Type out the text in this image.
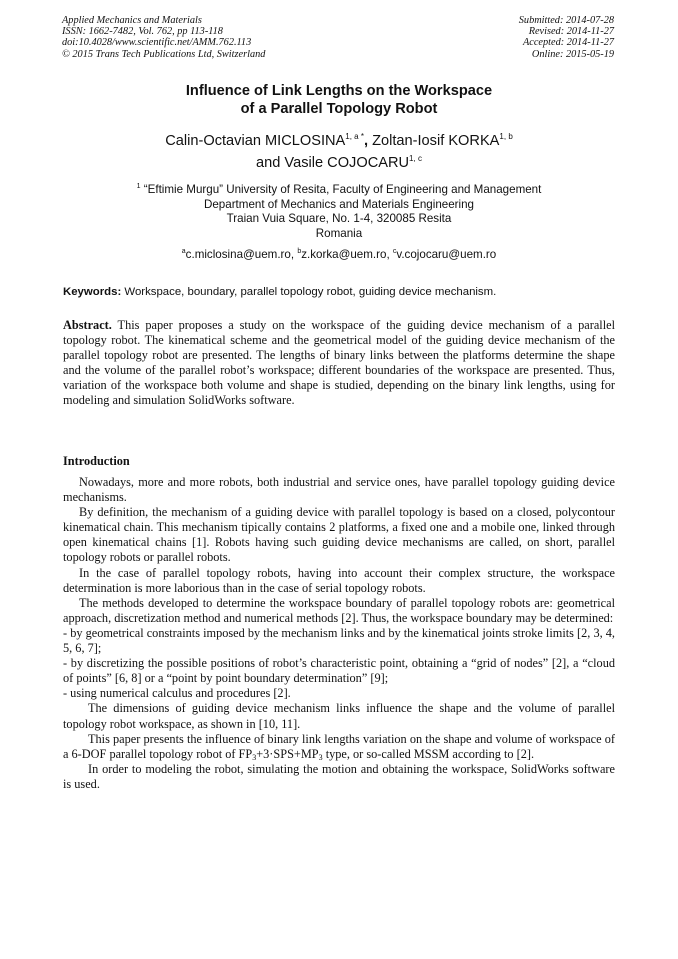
Applied Mechanics and Materials
ISSN: 1662-7482, Vol. 762, pp 113-118
doi:10.4028/www.scientific.net/AMM.762.113
© 2015 Trans Tech Publications Ltd, Switzerland
Submitted: 2014-07-28
Revised: 2014-11-27
Accepted: 2014-11-27
Online: 2015-05-19
Influence of Link Lengths on the Workspace
of a Parallel Topology Robot
Calin-Octavian $MICLOSINA^{1, a *}$, Zoltan-Iosif KORKA$^{1, b}$
and Vasile COJOCARU$^{1, c}$
$^1$ “Eftimie Murgu” University of Resita, Faculty of Engineering and Management
Department of Mechanics and Materials Engineering
Traian Vuia Square, No. 1-4, 320085 Resita
Romania
$^a$c.miclosina@uem.ro, $^b$z.korka@uem.ro, $^c$v.cojocaru@uem.ro
Keywords: Workspace, boundary, parallel topology robot, guiding device mechanism.
Abstract. This paper proposes a study on the workspace of the guiding device mechanism of a parallel topology robot. The kinematical scheme and the geometrical model of the guiding device mechanism of the parallel topology robot are presented. The lengths of binary links between the platforms determine the shape and the volume of the parallel robot’s workspace; different boundaries of the workspace are presented. Thus, variation of the workspace both volume and shape is studied, depending on the binary link lengths, using for modeling and simulation SolidWorks software.
Introduction

Nowadays, more and more robots, both industrial and service ones, have parallel topology guiding device mechanisms.

By definition, the mechanism of a guiding device with parallel topology is based on a closed, polycontour kinematical chain. This mechanism tipically contains 2 platforms, a fixed one and a mobile one, linked through open kinematical chains [1]. Robots having such guiding device mechanisms are called, on short, parallel topology robots or parallel robots.

In the case of parallel topology robots, having into account their complex structure, the workspace determination is more laborious than in the case of serial topology robots.

The methods developed to determine the workspace boundary of parallel topology robots are: geometrical approach, discretization method and numerical methods [2]. Thus, the workspace boundary may be determined:

- by geometrical constraints imposed by the mechanism links and by the kinematical joints stroke limits [2, 3, 4, 5, 6, 7];

- by discretizing the possible positions of robot’s characteristic point, obtaining a “grid of nodes” [2], a “cloud of points” [6, 8] or a “point by point boundary determination” [9];

- using numerical calculus and procedures [2].

The dimensions of guiding device mechanism links influence the shape and the volume of parallel topology robot workspace, as shown in [10, 11].

This paper presents the influence of binary link lengths variation on the shape and volume of workspace of a 6-DOF parallel topology robot of $FP_3+3\cdot SPS+MP_3$ type, or so-called MSSM according to [2].

In order to modeling the robot, simulating the motion and obtaining the workspace, SolidWorks software is used.
